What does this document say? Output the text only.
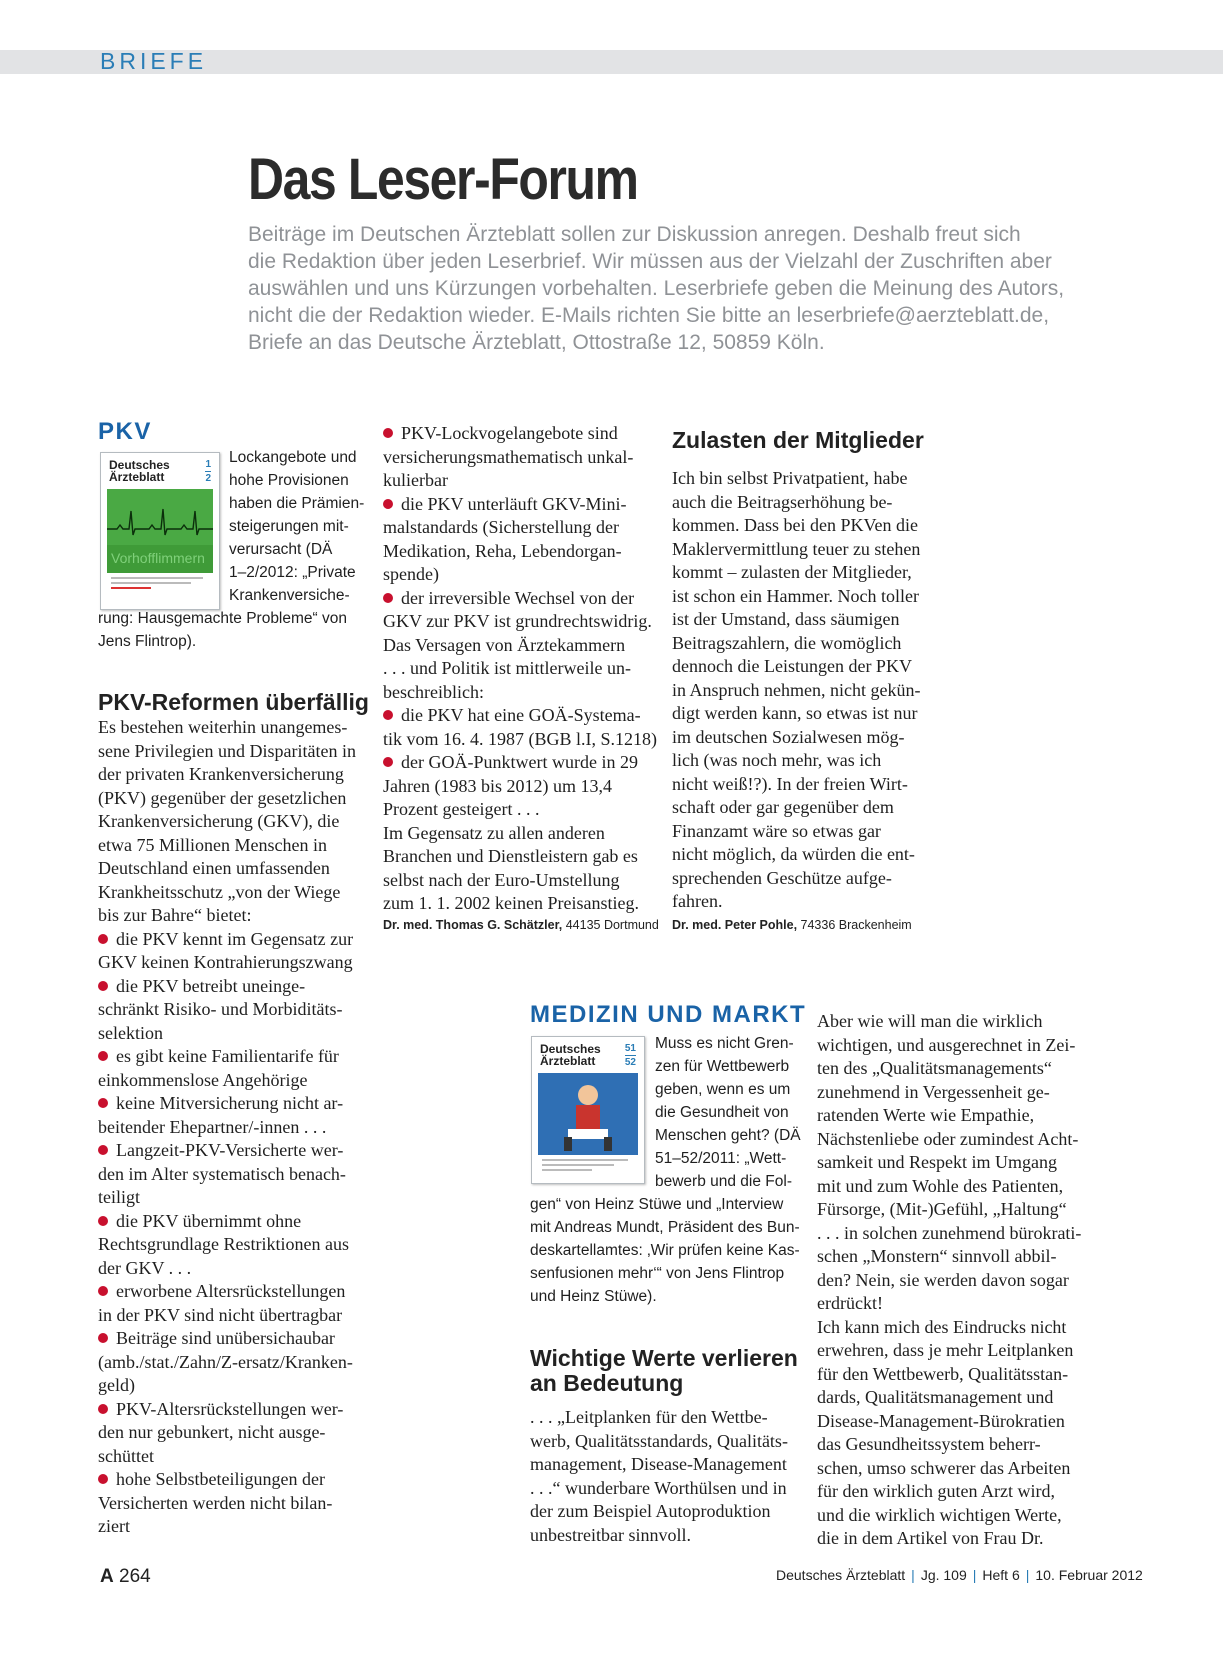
BRIEFE
Das Leser-Forum

Beiträge im Deutschen Ärzteblatt sollen zur Diskussion anregen. Deshalb freut sich
die Redaktion über jeden Leserbrief. Wir müssen aus der Vielzahl der Zuschriften aber
auswählen und uns Kürzungen vorbehalten. Leserbriefe geben die Meinung des Autors,
nicht die der Redaktion wieder. E-Mails richten Sie bitte an leserbriefe@aerzteblatt.de,
Briefe an das Deutsche Ärzteblatt, Ottostraße 12, 50859 Köln.

PKV
Deutsches
Ärzteblatt
1
2
Vorhofflimmern

Lockangebote und
hohe Provisionen
haben die Prämien-
steigerungen mit-
verursacht (DÄ
1–2/2012: „Private
Krankenversiche-

rung: Hausgemachte Probleme“ von
Jens Flintrop).

PKV-Reformen überfällig
Es bestehen weiterhin unangemes-
sene Privilegien und Disparitäten in
der privaten Krankenversicherung
(PKV) gegenüber der gesetzlichen
Krankenversicherung (GKV), die
etwa 75 Millionen Menschen in
Deutschland einen umfassenden
Krankheitsschutz „von der Wiege
bis zur Bahre“ bietet:
die PKV kennt im Gegensatz zur
GKV keinen Kontrahierungszwang
die PKV betreibt uneinge-
schränkt Risiko- und Morbiditäts-
selektion
es gibt keine Familientarife für
einkommenslose Angehörige
keine Mitversicherung nicht ar-
beitender Ehepartner/-innen . . .
Langzeit-PKV-Versicherte wer-
den im Alter systematisch benach-
teiligt
die PKV übernimmt ohne
Rechtsgrundlage Restriktionen aus
der GKV . . .
erworbene Altersrückstellungen
in der PKV sind nicht übertragbar
Beiträge sind unübersichaubar
(amb./stat./Zahn/Z-ersatz/Kranken-
geld)
PKV-Altersrückstellungen wer-
den nur gebunkert, nicht ausge-
schüttet
hohe Selbstbeteiligungen der
Versicherten werden nicht bilan-
ziert
PKV-Lockvogelangebote sind
versicherungsmathematisch unkal-
kulierbar
die PKV unterläuft GKV-Mini-
malstandards (Sicherstellung der
Medikation, Reha, Lebendorgan-
spende)
der irreversible Wechsel von der
GKV zur PKV ist grundrechtswidrig.
Das Versagen von Ärztekammern
. . . und Politik ist mittlerweile un-
beschreiblich:
die PKV hat eine GOÄ-Systema-
tik vom 16. 4. 1987 (BGB l.I, S.1218)
der GOÄ-Punktwert wurde in 29
Jahren (1983 bis 2012) um 13,4
Prozent gesteigert . . .
Im Gegensatz zu allen anderen
Branchen und Dienstleistern gab es
selbst nach der Euro-Umstellung
zum 1. 1. 2002 keinen Preisanstieg.
Dr. med. Thomas G. Schätzler, 44135 Dortmund
Zulasten der Mitglieder
Ich bin selbst Privatpatient, habe
auch die Beitragserhöhung be-
kommen. Dass bei den PKVen die
Maklervermittlung teuer zu stehen
kommt – zulasten der Mitglieder,
ist schon ein Hammer. Noch toller
ist der Umstand, dass säumigen
Beitragszahlern, die womöglich
dennoch die Leistungen der PKV
in Anspruch nehmen, nicht gekün-
digt werden kann, so etwas ist nur
im deutschen Sozialwesen mög-
lich (was noch mehr, was ich
nicht weiß!?). In der freien Wirt-
schaft oder gar gegenüber dem
Finanzamt wäre so etwas gar
nicht möglich, da würden die ent-
sprechenden Geschütze aufge-
fahren.
Dr. med. Peter Pohle, 74336 Brackenheim
MEDIZIN UND MARKT
Deutsches
Ärzteblatt
51
52

Muss es nicht Gren-
zen für Wettbewerb
geben, wenn es um
die Gesundheit von
Menschen geht? (DÄ
51–52/2011: „Wett-
bewerb und die Fol-

gen“ von Heinz Stüwe und „Interview
mit Andreas Mundt, Präsident des Bun-
deskartellamtes: ‚Wir prüfen keine Kas-
senfusionen mehr‘“ von Jens Flintrop
und Heinz Stüwe).

Wichtige Werte verlieren
an Bedeutung
. . . „Leitplanken für den Wettbe-
werb, Qualitätsstandards, Qualitäts-
management, Disease-Management
. . .“ wunderbare Worthülsen und in
der zum Beispiel Autoproduktion
unbestreitbar sinnvoll.
Aber wie will man die wirklich
wichtigen, und ausgerechnet in Zei-
ten des „Qualitätsmanagements“
zunehmend in Vergessenheit ge-
ratenden Werte wie Empathie,
Nächstenliebe oder zumindest Acht-
samkeit und Respekt im Umgang
mit und zum Wohle des Patienten,
Fürsorge, (Mit-)Gefühl, „Haltung“
. . . in solchen zunehmend bürokrati-
schen „Monstern“ sinnvoll abbil-
den? Nein, sie werden davon sogar
erdrückt!
Ich kann mich des Eindrucks nicht
erwehren, dass je mehr Leitplanken
für den Wettbewerb, Qualitätsstan-
dards, Qualitätsmanagement und
Disease-Management-Bürokratien
das Gesundheitssystem beherr-
schen, umso schwerer das Arbeiten
für den wirklich guten Arzt wird,
und die wirklich wichtigen Werte,
die in dem Artikel von Frau Dr.
A 264	Deutsches Ärzteblatt | Jg. 109 | Heft 6 | 10. Februar 2012
